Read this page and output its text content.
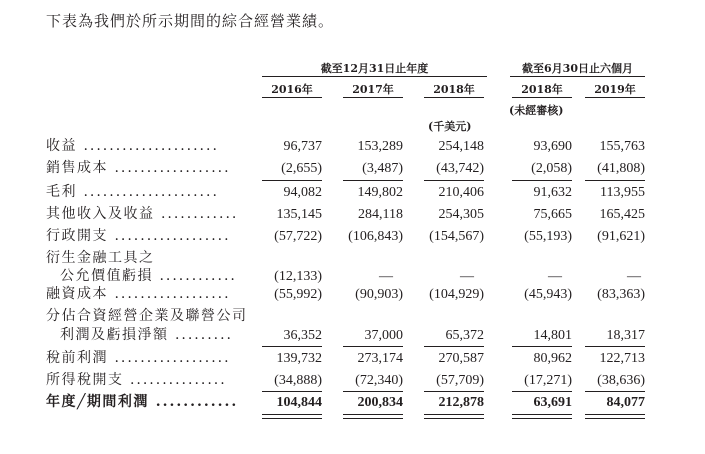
下表為我們於所示期間的綜合經營業績。
截至12月31日止年度	截至6月30日止六個月
2016年	2017年	2018年	2018年	2019年
(未經審核)
(千美元)
收益 .....................	96,737	153,289	254,148	93,690 155,763
銷售成本 ..................	(2,655)	(3,487) (43,742)	(2,058) (41,808)
毛利 .....................	94,082	149,802	210,406	91,632 113,955
其他收入及收益 ............	135,145	284,118	254,305	75,665 165,425
行政開支 ..................	(57,722) (106,843) (154,567)	(55,193) (91,621)
衍生金融工具之
公允價值虧損 ............	(12,133)	—	—	—	—
融資成本 ..................	(55,992) (90,903) (104,929)	(45,943) (83,363)
分佔合資經營企業及聯營公司
利潤及虧損淨額 .........	36,352	37,000	65,372	14,801 18,317
稅前利潤 ..................	139,732	273,174	270,587	80,962 122,713
所得稅開支 ...............	(34,888) (72,340) (57,709)	(17,271) (38,636)
年度╱期間利潤 ............	104,844	200,834	212,878	63,691 84,077
